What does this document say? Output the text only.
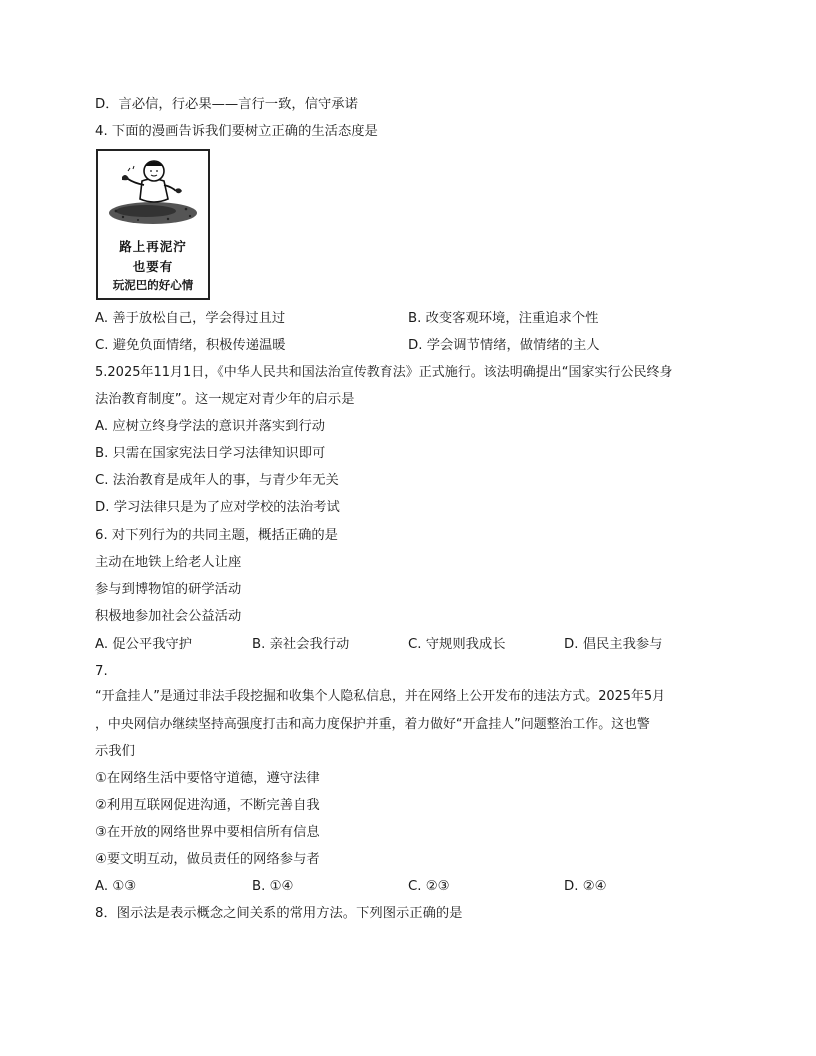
D．言必信，行必果——言行一致，信守承诺
4. 下面的漫画告诉我们要树立正确的生活态度是
路上再泥泞
也要有
玩泥巴的好心情
A. 善于放松自己，学会得过且过	B. 改变客观环境，注重追求个性
C. 避免负面情绪，积极传递温暖	D. 学会调节情绪，做情绪的主人
5.2025年11月1日，《中华人民共和国法治宣传教育法》正式施行。该法明确提出“国家实行公民终身
法治教育制度”。这一规定对青少年的启示是
A. 应树立终身学法的意识并落实到行动
B. 只需在国家宪法日学习法律知识即可
C. 法治教育是成年人的事，与青少年无关
D. 学习法律只是为了应对学校的法治考试
6. 对下列行为的共同主题，概括正确的是
主动在地铁上给老人让座
参与到博物馆的研学活动
积极地参加社会公益活动
A. 促公平我守护	B. 亲社会我行动	C. 守规则我成长	D. 倡民主我参与
7.
“开盒挂人”是通过非法手段挖掘和收集个人隐私信息，并在网络上公开发布的违法方式。2025年5月
，中央网信办继续坚持高强度打击和高力度保护并重，着力做好“开盒挂人”问题整治工作。这也警
示我们
①在网络生活中要恪守道德，遵守法律
②利用互联网促进沟通，不断完善自我
③在开放的网络世界中要相信所有信息
④要文明互动，做员责任的网络参与者
A. ①③	B. ①④	C. ②③	D. ②④
8．图示法是表示概念之间关系的常用方法。下列图示正确的是
